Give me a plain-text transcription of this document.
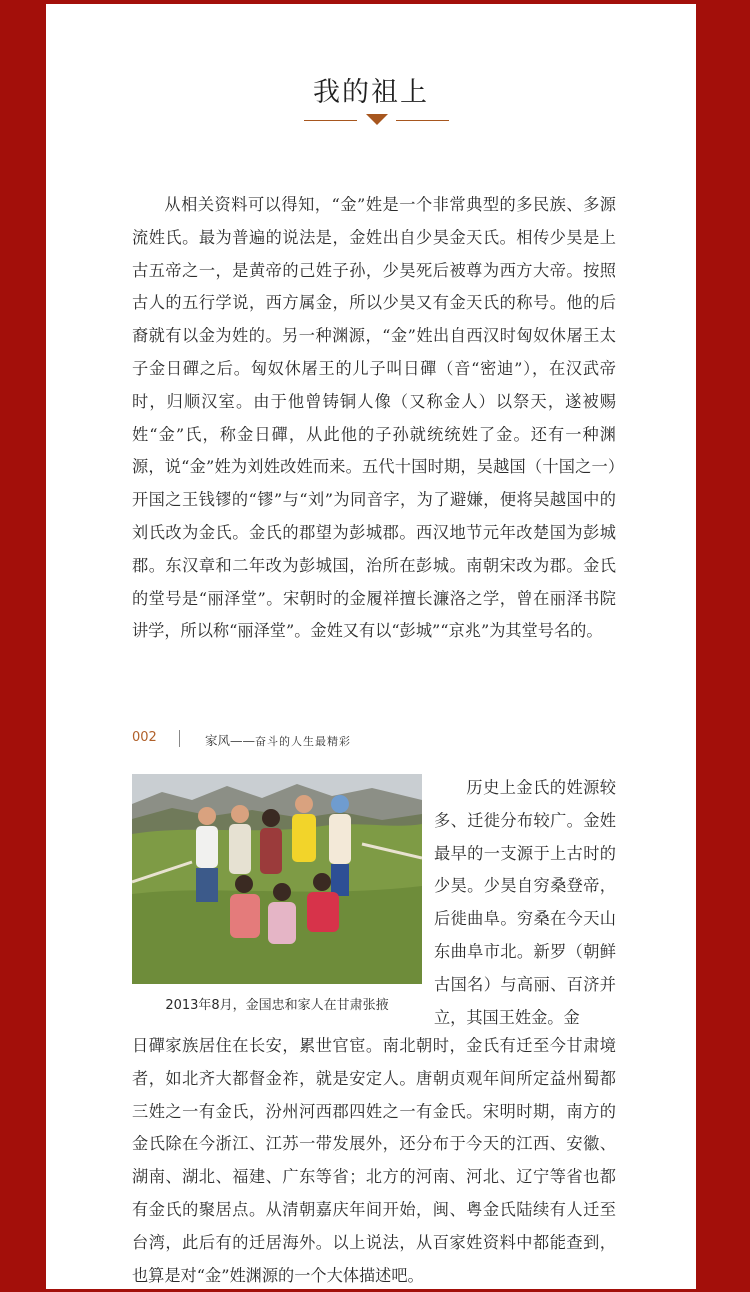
我的祖上

从相关资料可以得知，“金”姓是一个非常典型的多民族、多源流姓氏。最为普遍的说法是，金姓出自少昊金天氏。相传少昊是上古五帝之一，是黄帝的己姓子孙，少昊死后被尊为西方大帝。按照古人的五行学说，西方属金，所以少昊又有金天氏的称号。他的后裔就有以金为姓的。另一种渊源，“金”姓出自西汉时匈奴休屠王太子金日磾之后。匈奴休屠王的儿子叫日磾（音“密迪”），在汉武帝时，归顺汉室。由于他曾铸铜人像（又称金人）以祭天，遂被赐姓“金”氏，称金日磾，从此他的子孙就统统姓了金。还有一种渊源，说“金”姓为刘姓改姓而来。五代十国时期，吴越国（十国之一）开国之王钱镠的“镠”与“刘”为同音字，为了避嫌，便将吴越国中的刘氏改为金氏。金氏的郡望为彭城郡。西汉地节元年改楚国为彭城郡。东汉章和二年改为彭城国，治所在彭城。南朝宋改为郡。金氏的堂号是“丽泽堂”。宋朝时的金履祥擅长濂洛之学，曾在丽泽书院讲学，所以称“丽泽堂”。金姓又有以“彭城”“京兆”为其堂号名的。

002	家风——奋斗的人生最精彩
2013年8月，金国忠和家人在甘肃张掖

历史上金氏的姓源较多、迁徙分布较广。金姓最早的一支源于上古时的少昊。少昊自穷桑登帝，后徙曲阜。穷桑在今天山东曲阜市北。新罗（朝鲜古国名）与高丽、百济并立，其国王姓金。金

日磾家族居住在长安，累世官宦。南北朝时，金氏有迁至今甘肃境者，如北齐大都督金祚，就是安定人。唐朝贞观年间所定益州蜀都三姓之一有金氏，汾州河西郡四姓之一有金氏。宋明时期，南方的金氏除在今浙江、江苏一带发展外，还分布于今天的江西、安徽、湖南、湖北、福建、广东等省；北方的河南、河北、辽宁等省也都有金氏的聚居点。从清朝嘉庆年间开始，闽、粤金氏陆续有人迁至台湾，此后有的迁居海外。以上说法，从百家姓资料中都能查到，也算是对“金”姓渊源的一个大体描述吧。
